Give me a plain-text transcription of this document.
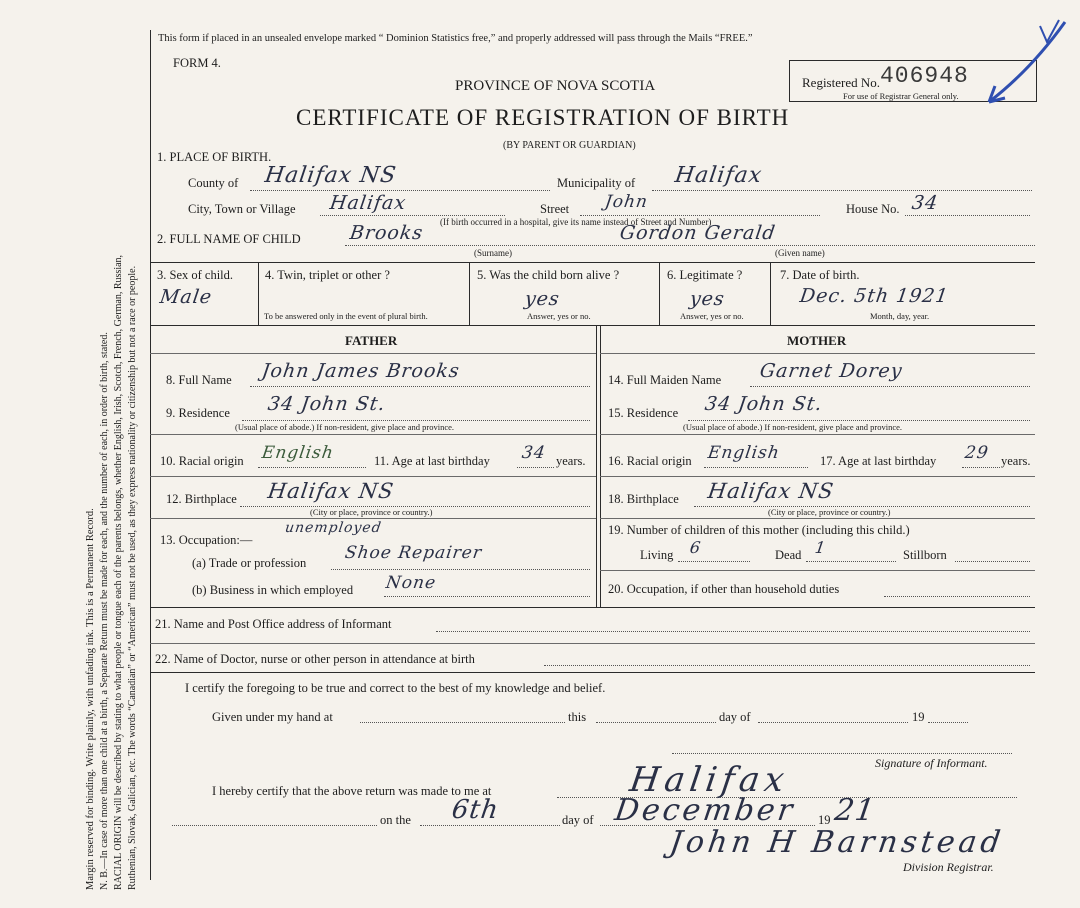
Margin reserved for binding. Write plainly, with unfading ink. This is a Permanent Record. N. B.—In case of more than one child at a birth, a Separate Return must be made for each, and the number of each, in order of birth, stated. RACIAL ORIGIN will be described by stating to what people or tongue each of the parents belongs, whether English, Irish, Scotch, French, German, Russian, Ruthenian, Slovak, Galician, etc. The words “Canadian” or “American” must not be used, as they express nationality or citizenship but not a race or people.
This form if placed in an unsealed envelope marked “ Dominion Statistics free,” and properly addressed will pass through the Mails “FREE.”
FORM 4.
PROVINCE OF NOVA SCOTIA
CERTIFICATE OF REGISTRATION OF BIRTH
(BY PARENT OR GUARDIAN)
Registered No. 406948
For use of Registrar General only.
1. PLACE OF BIRTH.
County of Halifax NS	Municipality of Halifax
City, Town or Village Halifax	Street John	House No. 34
(If birth occurred in a hospital, give its name instead of Street and Number)
2. FULL NAME OF CHILD	Brooks	Gordon Gerald
(Surname)	(Given name)
3. Sex of child.
Male
4. Twin, triplet or other ?
To be answered only in the event of plural birth.
5. Was the child born alive ?
yes
Answer, yes or no.
6. Legitimate ?
yes
Answer, yes or no.
7. Date of birth.
Dec. 5th 1921
Month, day, year.
FATHER	MOTHER
8. Full Name John James Brooks
9. Residence 34 John St.
(Usual place of abode.) If non-resident, give place and province.
10. Racial origin English	11. Age at last birthday 34 years.
12. Birthplace Halifax NS
(City or place, province or country.)
13. Occupation:—
unemployed
(a) Trade or profession Shoe Repairer
(b) Business in which employed None
14. Full Maiden Name Garnet Dorey
15. Residence 34 John St.
(Usual place of abode.) If non-resident, give place and province.
16. Racial origin English	17. Age at last birthday 29 years.
18. Birthplace Halifax NS
(City or place, province or country.)
19. Number of children of this mother (including this child.)
Living 6	Dead 1	Stillborn
20. Occupation, if other than household duties
21. Name and Post Office address of Informant
22. Name of Doctor, nurse or other person in attendance at birth
I certify the foregoing to be true and correct to the best of my knowledge and belief.
Given under my hand at	this	day of	19
Signature of Informant.
I hereby certify that the above return was made to me at	Halifax
on the 6th	day of December 19 21
John H Barnstead
Division Registrar.
